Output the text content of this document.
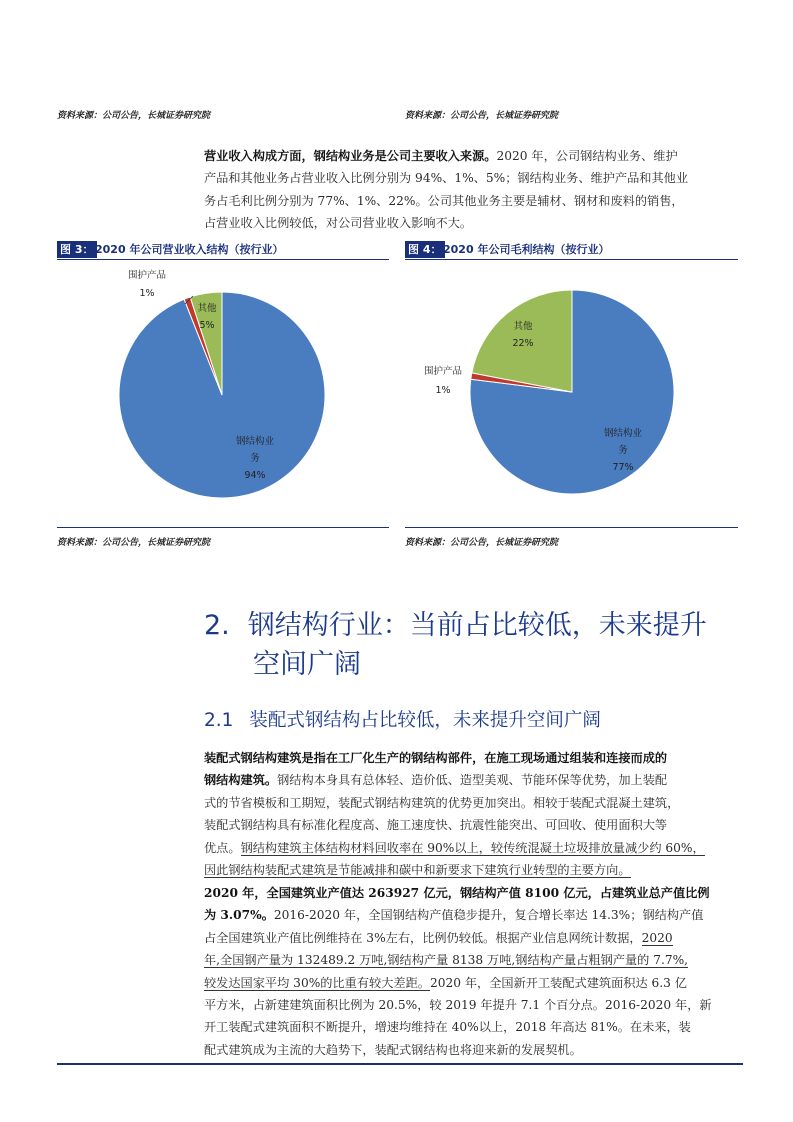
资料来源：公司公告，长城证券研究院	资料来源：公司公告，长城证券研究院
营业收入构成方面，钢结构业务是公司主要收入来源。2020 年，公司钢结构业务、维护
产品和其他业务占营业收入比例分别为 94%、1%、5%；钢结构业务、维护产品和其他业
务占毛利比例分别为 77%、1%、22%。公司其他业务主要是辅材、钢材和废料的销售，
占营业收入比例较低，对公司营业收入影响不大。
图 3： 2020 年公司营业收入结构（按行业）	图 4： 2020 年公司毛利结构（按行业）
围护产品
1%
其他
5%
钢结构业
务
94%
其他
22%
围护产品
1%
钢结构业
务
77%
资料来源：公司公告，长城证券研究院	资料来源：公司公告，长城证券研究院
2. 钢结构行业：当前占比较低，未来提升
空间广阔
2.1 装配式钢结构占比较低，未来提升空间广阔
装配式钢结构建筑是指在工厂化生产的钢结构部件，在施工现场通过组装和连接而成的
钢结构建筑。钢结构本身具有总体轻、造价低、造型美观、节能环保等优势，加上装配
式的节省模板和工期短，装配式钢结构建筑的优势更加突出。相较于装配式混凝土建筑，
装配式钢结构具有标准化程度高、施工速度快、抗震性能突出、可回收、使用面积大等
优点。钢结构建筑主体结构材料回收率在 90%以上，较传统混凝土垃圾排放量减少约 60%，
因此钢结构装配式建筑是节能减排和碳中和新要求下建筑行业转型的主要方向。
2020 年，全国建筑业产值达 263927 亿元，钢结构产值 8100 亿元，占建筑业总产值比例
为 3.07%。2016-2020 年，全国钢结构产值稳步提升，复合增长率达 14.3%；钢结构产值
占全国建筑业产值比例维持在 3%左右，比例仍较低。根据产业信息网统计数据，2020
年,全国钢产量为 132489.2 万吨,钢结构产量 8138 万吨,钢结构产量占粗钢产量的 7.7%,
较发达国家平均 30%的比重有较大差距。2020 年，全国新开工装配式建筑面积达 6.3 亿
平方米，占新建建筑面积比例为 20.5%，较 2019 年提升 7.1 个百分点。2016-2020 年，新
开工装配式建筑面积不断提升，增速均维持在 40%以上，2018 年高达 81%。在未来，装
配式建筑成为主流的大趋势下，装配式钢结构也将迎来新的发展契机。
